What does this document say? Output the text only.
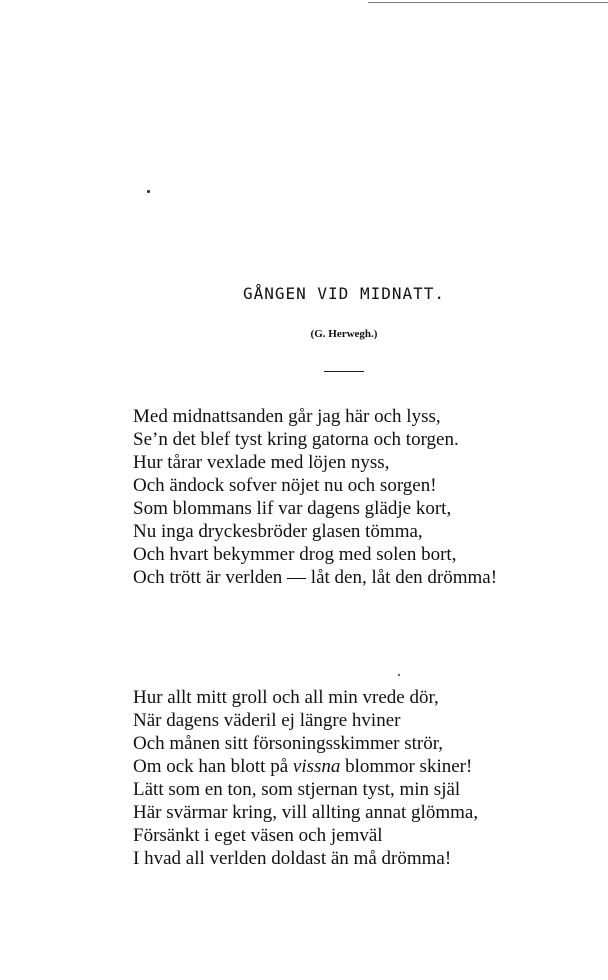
GÅNGEN VID MIDNATT.
(G. Herwegh.)
Med midnattsanden går jag här och lyss,
Se’n det blef tyst kring gatorna och torgen.
Hur tårar vexlade med löjen nyss,
Och ändock sofver nöjet nu och sorgen!
Som blommans lif var dagens glädje kort,
Nu inga dryckesbröder glasen tömma,
Och hvart bekymmer drog med solen bort,
Och trött är verlden — låt den, låt den drömma!
Hur allt mitt groll och all min vrede dör,
När dagens väderil ej längre hviner
Och månen sitt försoningsskimmer strör,
Om ock han blott på vissna blommor skiner!
Lätt som en ton, som stjernan tyst, min själ
Här svärmar kring, vill allting annat glömma,
Försänkt i eget väsen och jemväl
I hvad all verlden doldast än må drömma!
